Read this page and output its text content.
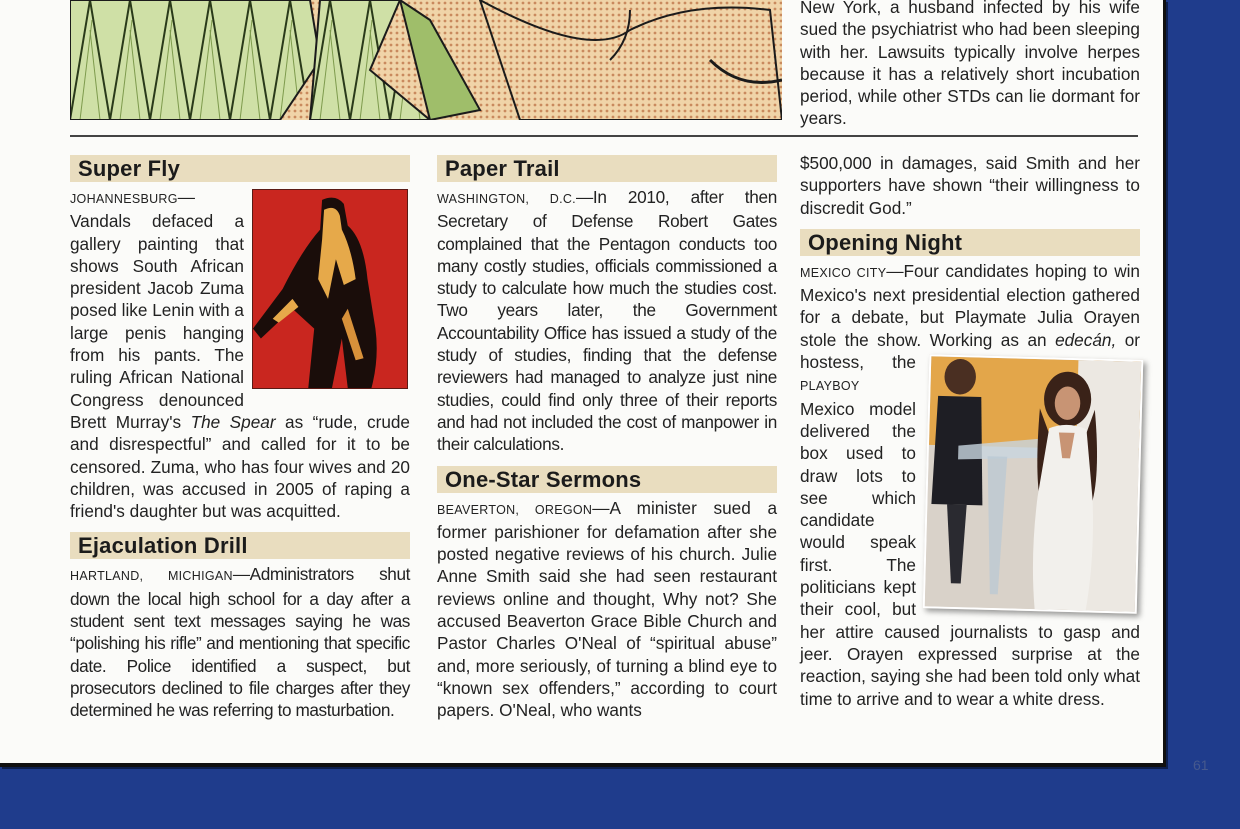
New York, a husband infected by his wife sued the psychiatrist who had been sleeping with her. Lawsuits typically involve herpes because it has a relatively short incubation period, while other STDs can lie dormant for years.

Super Fly

JOHANNESBURG—Vandals defaced a gallery painting that shows South African president Jacob Zuma posed like Lenin with a large penis hanging from his pants. The ruling African National Congress denounced Brett Murray's The Spear as “rude, crude and disrespectful” and called for it to be censored. Zuma, who has four wives and 20 children, was accused in 2005 of raping a friend's daughter but was acquitted.

Ejaculation Drill

HARTLAND, MICHIGAN—Administrators shut down the local high school for a day after a student sent text messages saying he was “polishing his rifle” and mentioning that specific date. Police identified a suspect, but prosecutors declined to file charges after they determined he was referring to masturbation.

Paper Trail

WASHINGTON, D.C.—In 2010, after then Secretary of Defense Robert Gates complained that the Pentagon conducts too many costly studies, officials commissioned a study to calculate how much the studies cost. Two years later, the Government Accountability Office has issued a study of the study of studies, finding that the defense reviewers had managed to analyze just nine studies, could find only three of their reports and had not included the cost of manpower in their calculations.

One-Star Sermons

BEAVERTON, OREGON—A minister sued a former parishioner for defamation after she posted negative reviews of his church. Julie Anne Smith said she had seen restaurant reviews online and thought, Why not? She accused Beaverton Grace Bible Church and Pastor Charles O'Neal of “spiritual abuse” and, more seriously, of turning a blind eye to “known sex offenders,” according to court papers. O'Neal, who wants

$500,000 in damages, said Smith and her supporters have shown “their willingness to discredit God.”

Opening Night

MEXICO CITY—Four candidates hoping to win Mexico's next presidential election gathered for a debate, but Playmate Julia Orayen stole the show. Working as an edecán, or hostess, the
PLAYBOY Mexico model delivered the box used to draw lots to see which candidate would speak first. The politicians kept their cool, but her attire caused journalists to gasp and jeer. Orayen expressed surprise at the reaction, saying she had been told only what time to arrive and to wear a white dress.

61
